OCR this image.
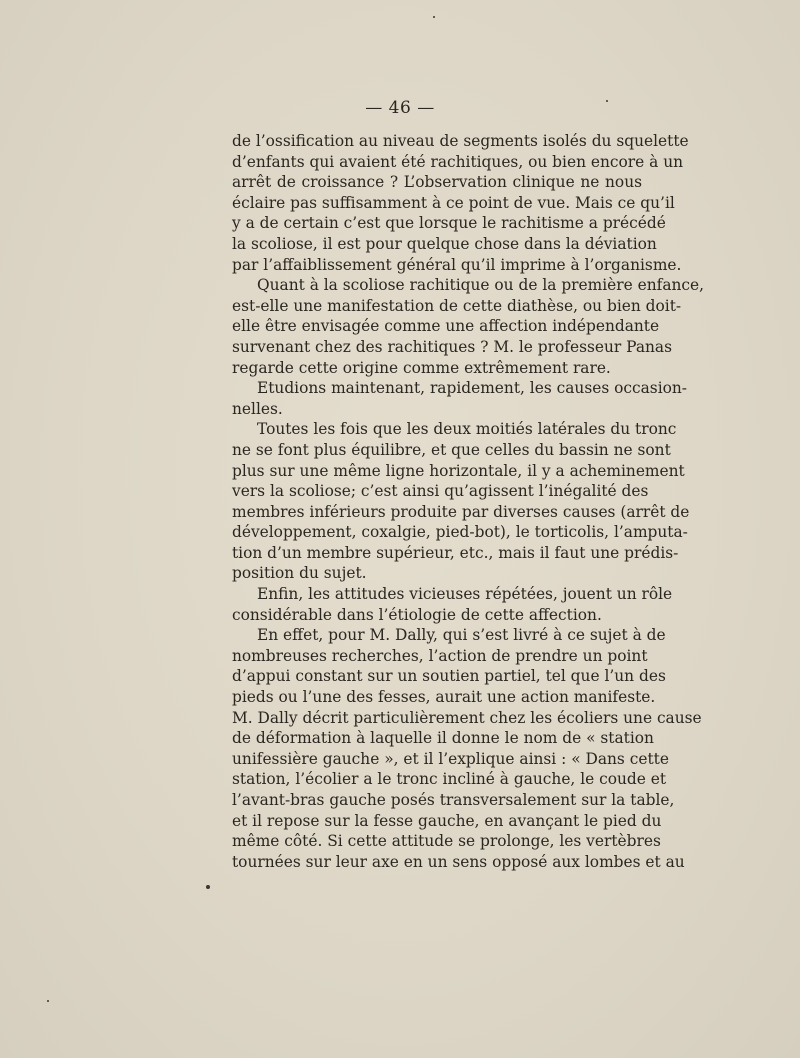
— 46 —
de l’ossification au niveau de segments isolés du squelette
d’enfants qui avaient été rachitiques, ou bien encore à un
arrêt de croissance ? L’observation clinique ne nous
éclaire pas suffisamment à ce point de vue. Mais ce qu’il
y a de certain c’est que lorsque le rachitisme a précédé
la scoliose, il est pour quelque chose dans la déviation
par l’affaiblissement général qu’il imprime à l’organisme.
Quant à la scoliose rachitique ou de la première enfance,
est-elle une manifestation de cette diathèse, ou bien doit-
elle être envisagée comme une affection indépendante
survenant chez des rachitiques ? M. le professeur Panas
regarde cette origine comme extrêmement rare.
Etudions maintenant, rapidement, les causes occasion-
nelles.
Toutes les fois que les deux moitiés latérales du tronc
ne se font plus équilibre, et que celles du bassin ne sont
plus sur une même ligne horizontale, il y a acheminement
vers la scoliose; c’est ainsi qu’agissent l’inégalité des
membres inférieurs produite par diverses causes (arrêt de
développement, coxalgie, pied-bot), le torticolis, l’amputa-
tion d’un membre supérieur, etc., mais il faut une prédis-
position du sujet.
Enfin, les attitudes vicieuses répétées, jouent un rôle
considérable dans l’étiologie de cette affection.
En effet, pour M. Dally, qui s’est livré à ce sujet à de
nombreuses recherches, l’action de prendre un point
d’appui constant sur un soutien partiel, tel que l’un des
pieds ou l’une des fesses, aurait une action manifeste.
M. Dally décrit particulièrement chez les écoliers une cause
de déformation à laquelle il donne le nom de « station
unifessière gauche », et il l’explique ainsi : « Dans cette
station, l’écolier a le tronc incliné à gauche, le coude et
l’avant-bras gauche posés transversalement sur la table,
et il repose sur la fesse gauche, en avançant le pied du
même côté. Si cette attitude se prolonge, les vertèbres
tournées sur leur axe en un sens opposé aux lombes et au
